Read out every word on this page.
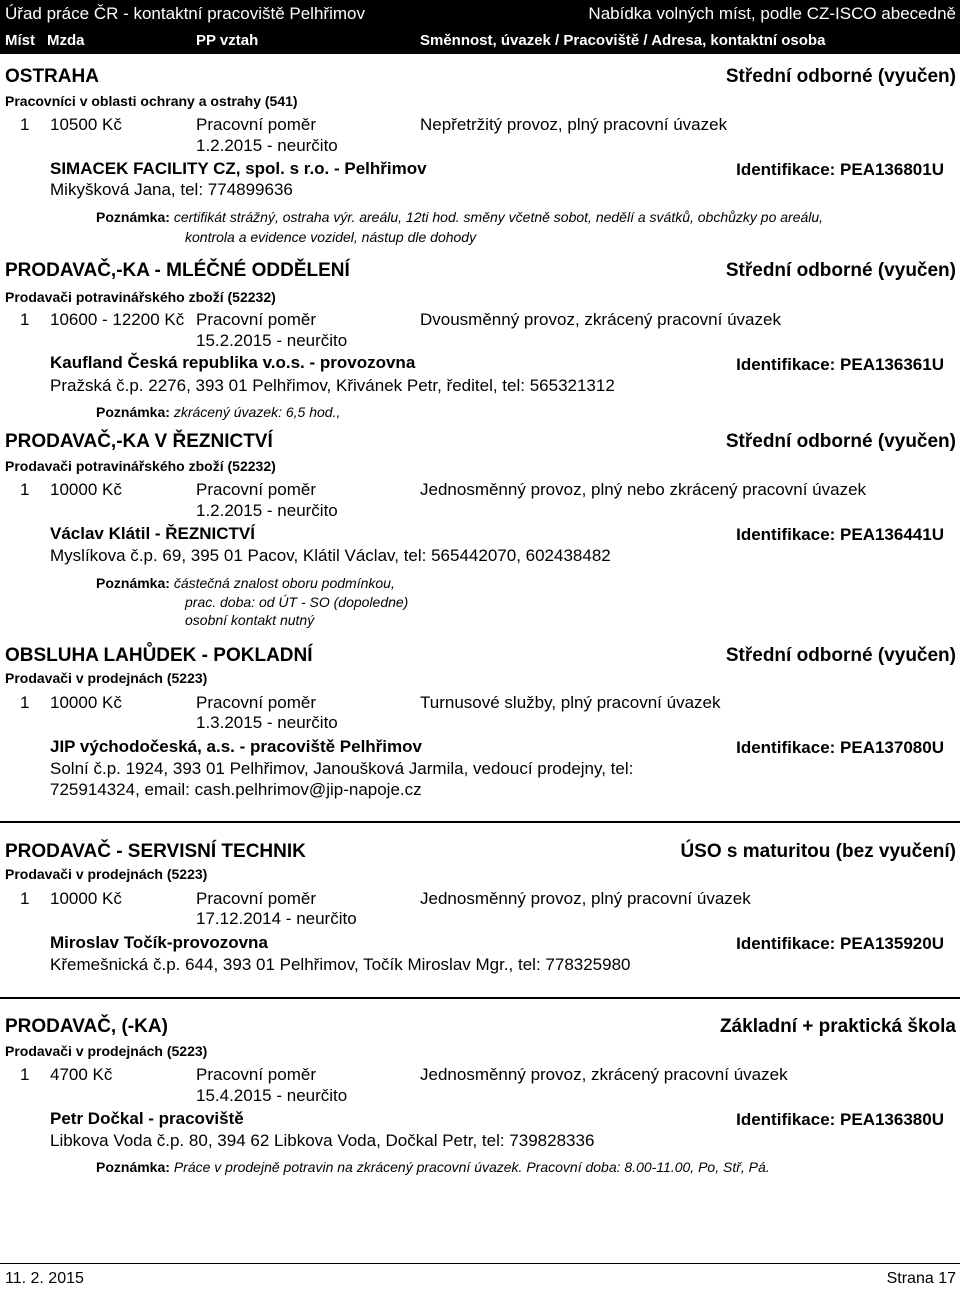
Úřad práce ČR - kontaktní pracoviště Pelhřimov	Nabídka volných míst, podle CZ-ISCO abecedně
Míst Mzda	PP vztah	Směnnost, úvazek / Pracoviště / Adresa, kontaktní osoba
OSTRAHA	Střední odborné (vyučen)
Pracovníci v oblasti ochrany a ostrahy (541)
1 10500 Kč	Pracovní poměr	Nepřetržitý provoz, plný pracovní úvazek
1.2.2015 - neurčito
SIMACEK FACILITY CZ, spol. s r.o. - Pelhřimov	Identifikace: PEA136801U
Mikyšková Jana, tel: 774899636
Poznámka: certifikát strážný, ostraha výr. areálu, 12ti hod. směny včetně sobot, nedělí a svátků, obchůzky po areálu,
kontrola a evidence vozidel, nástup dle dohody
PRODAVAČ,-KA - MLÉČNÉ ODDĚLENÍ	Střední odborné (vyučen)
Prodavači potravinářského zboží (52232)
1 10600 - 12200 Kč Pracovní poměr	Dvousměnný provoz, zkrácený pracovní úvazek
15.2.2015 - neurčito
Kaufland Česká republika v.o.s. - provozovna	Identifikace: PEA136361U
Pražská č.p. 2276, 393 01 Pelhřimov, Křivánek Petr, ředitel, tel: 565321312
Poznámka: zkrácený úvazek: 6,5 hod.,
PRODAVAČ,-KA V ŘEZNICTVÍ	Střední odborné (vyučen)
Prodavači potravinářského zboží (52232)
1 10000 Kč	Pracovní poměr	Jednosměnný provoz, plný nebo zkrácený pracovní úvazek
1.2.2015 - neurčito
Václav Klátil - ŘEZNICTVÍ	Identifikace: PEA136441U
Myslíkova č.p. 69, 395 01 Pacov, Klátil Václav, tel: 565442070, 602438482
Poznámka: částečná znalost oboru podmínkou,
prac. doba: od ÚT - SO (dopoledne)
osobní kontakt nutný
OBSLUHA LAHŮDEK - POKLADNÍ	Střední odborné (vyučen)
Prodavači v prodejnách (5223)
1 10000 Kč	Pracovní poměr	Turnusové služby, plný pracovní úvazek
1.3.2015 - neurčito
JIP východočeská, a.s. - pracoviště Pelhřimov	Identifikace: PEA137080U
Solní č.p. 1924, 393 01 Pelhřimov, Janoušková Jarmila, vedoucí prodejny, tel:
725914324, email: cash.pelhrimov@jip-napoje.cz
PRODAVAČ - SERVISNÍ TECHNIK	ÚSO s maturitou (bez vyučení)
Prodavači v prodejnách (5223)
1 10000 Kč	Pracovní poměr	Jednosměnný provoz, plný pracovní úvazek
17.12.2014 - neurčito
Miroslav Točík-provozovna	Identifikace: PEA135920U
Křemešnická č.p. 644, 393 01 Pelhřimov, Točík Miroslav Mgr., tel: 778325980
PRODAVAČ, (-KA)	Základní + praktická škola
Prodavači v prodejnách (5223)
1 4700 Kč	Pracovní poměr	Jednosměnný provoz, zkrácený pracovní úvazek
15.4.2015 - neurčito
Petr Dočkal - pracoviště	Identifikace: PEA136380U
Libkova Voda č.p. 80, 394 62 Libkova Voda, Dočkal Petr, tel: 739828336
Poznámka: Práce v prodejně potravin na zkrácený pracovní úvazek. Pracovní doba: 8.00-11.00, Po, Stř, Pá.
11. 2. 2015	Strana 17
